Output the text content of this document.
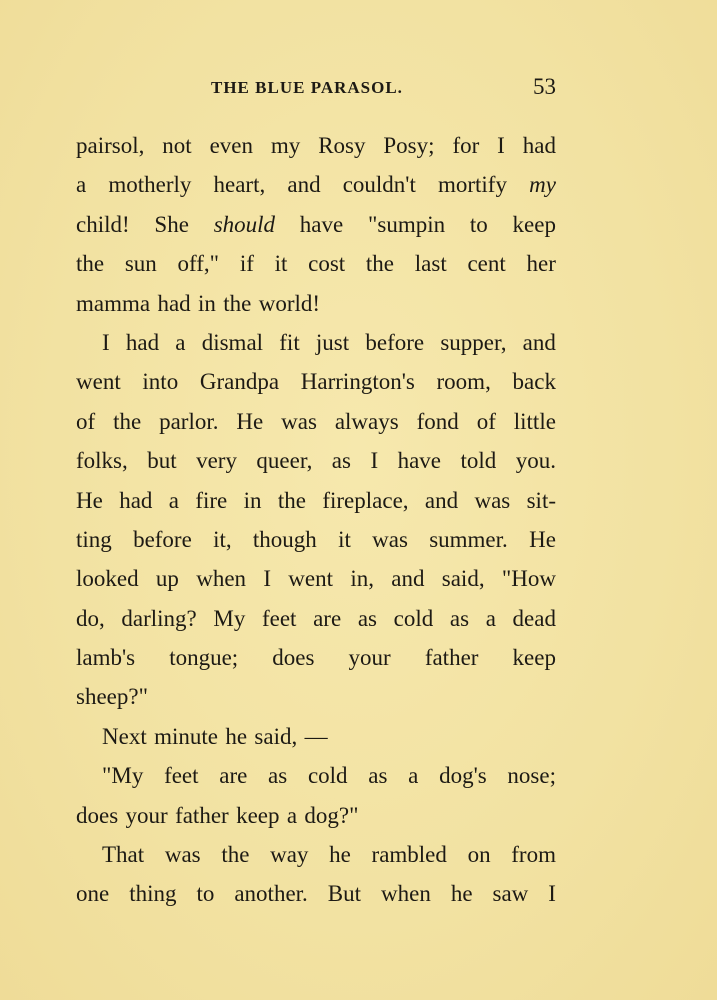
THE BLUE PARASOL.	53
pairsol, not even my Rosy Posy; for I had
a motherly heart, and couldn't mortify my
child! She should have "sumpin to keep
the sun off," if it cost the last cent her
mamma had in the world!
I had a dismal fit just before supper, and
went into Grandpa Harrington's room, back
of the parlor. He was always fond of little
folks, but very queer, as I have told you.
He had a fire in the fireplace, and was sit-
ting before it, though it was summer. He
looked up when I went in, and said, "How
do, darling? My feet are as cold as a dead
lamb's tongue; does your father keep
sheep?"
Next minute he said, —
"My feet are as cold as a dog's nose;
does your father keep a dog?"
That was the way he rambled on from
one thing to another. But when he saw I
